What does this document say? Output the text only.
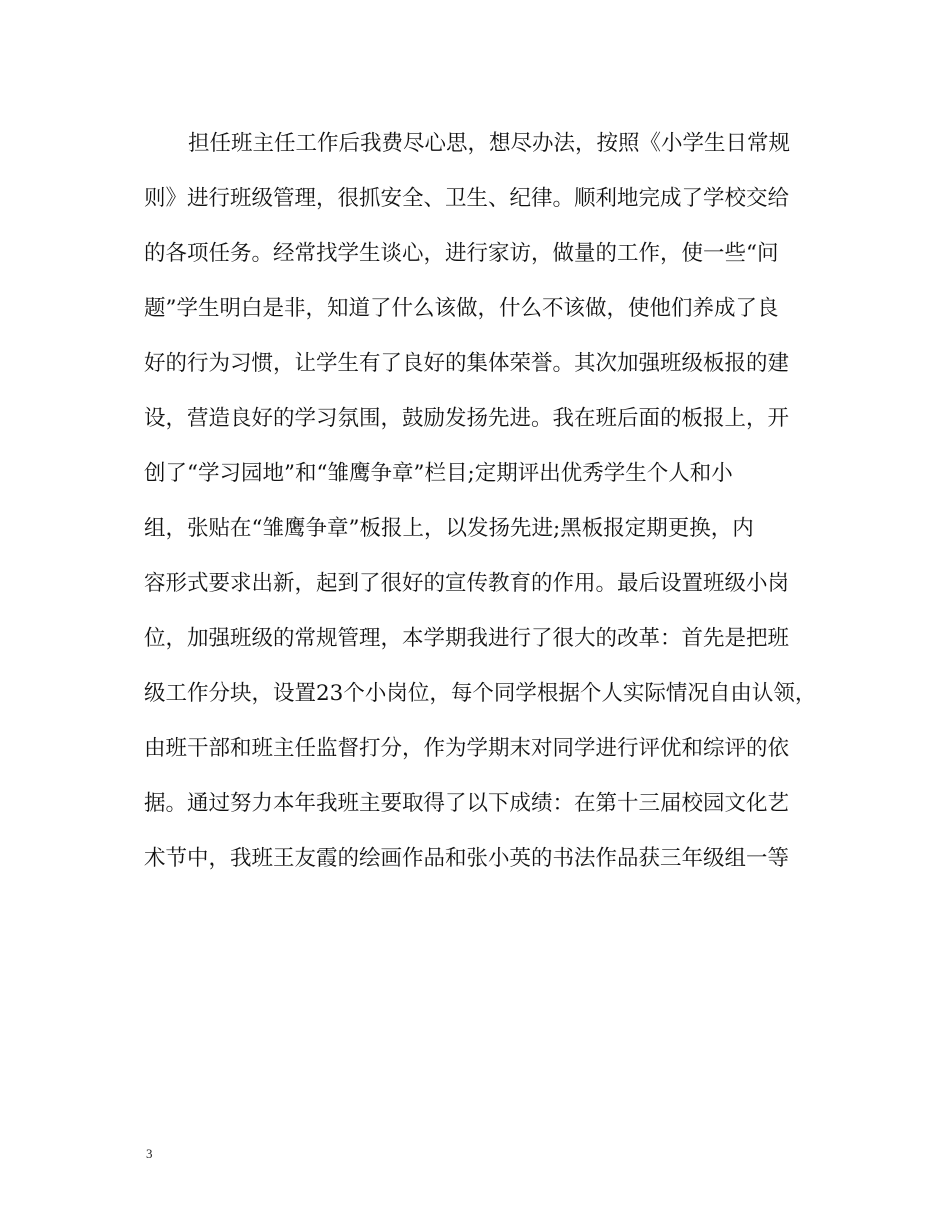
担任班主任工作后我费尽心思，想尽办法，按照《小学生日常规
则》进行班级管理，很抓安全、卫生、纪律。顺利地完成了学校交给
的各项任务。经常找学生谈心，进行家访，做量的工作，使一些“问
题”学生明白是非，知道了什么该做，什么不该做，使他们养成了良
好的行为习惯，让学生有了良好的集体荣誉。其次加强班级板报的建
设，营造良好的学习氛围，鼓励发扬先进。我在班后面的板报上，开
创了“学习园地”和“雏鹰争章”栏目;定期评出优秀学生个人和小
组，张贴在“雏鹰争章”板报上，以发扬先进;黑板报定期更换，内
容形式要求出新，起到了很好的宣传教育的作用。最后设置班级小岗
位，加强班级的常规管理，本学期我进行了很大的改革：首先是把班
级工作分块，设置23个小岗位，每个同学根据个人实际情况自由认领，
由班干部和班主任监督打分，作为学期末对同学进行评优和综评的依
据。通过努力本年我班主要取得了以下成绩：在第十三届校园文化艺
术节中，我班王友霞的绘画作品和张小英的书法作品获三年级组一等
3
